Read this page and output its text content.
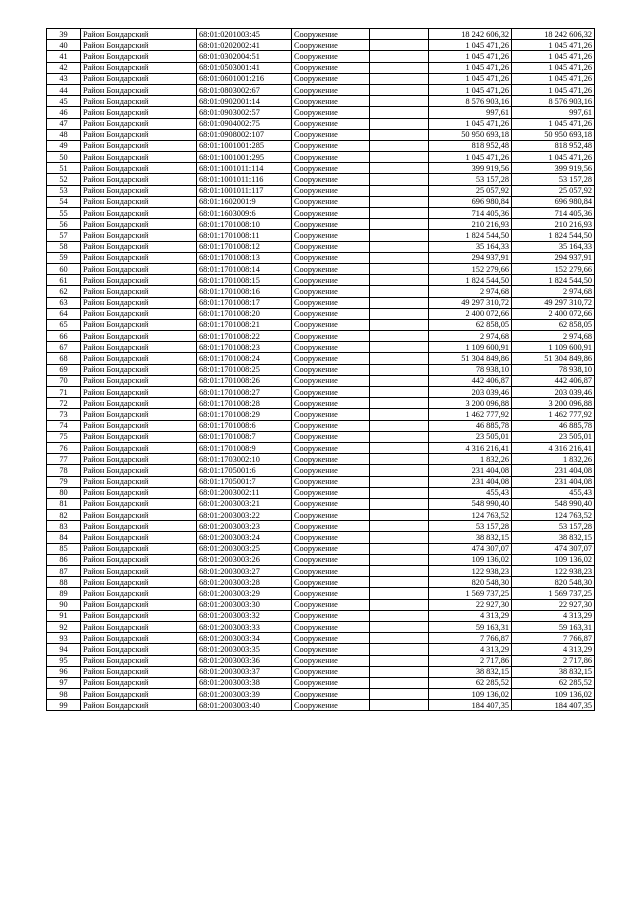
39	Район Бондарский	68:01:0201003:45	Сооружение		18 242 606,32	18 242 606,32
40	Район Бондарский	68:01:0202002:41	Сооружение		1 045 471,26	1 045 471,26
41	Район Бондарский	68:01:0302004:51	Сооружение		1 045 471,26	1 045 471,26
42	Район Бондарский	68:01:0503001:41	Сооружение		1 045 471,26	1 045 471,26
43	Район Бондарский	68:01:0601001:216	Сооружение		1 045 471,26	1 045 471,26
44	Район Бондарский	68:01:0803002:67	Сооружение		1 045 471,26	1 045 471,26
45	Район Бондарский	68:01:0902001:14	Сооружение		8 576 903,16	8 576 903,16
46	Район Бондарский	68:01:0903002:57	Сооружение		997,61	997,61
47	Район Бондарский	68:01:0904002:75	Сооружение		1 045 471,26	1 045 471,26
48	Район Бондарский	68:01:0908002:107	Сооружение		50 950 693,18	50 950 693,18
49	Район Бондарский	68:01:1001001:285	Сооружение		818 952,48	818 952,48
50	Район Бондарский	68:01:1001001:295	Сооружение		1 045 471,26	1 045 471,26
51	Район Бондарский	68:01:1001011:114	Сооружение		399 919,56	399 919,56
52	Район Бондарский	68:01:1001011:116	Сооружение		53 157,28	53 157,28
53	Район Бондарский	68:01:1001011:117	Сооружение		25 057,92	25 057,92
54	Район Бондарский	68:01:1602001:9	Сооружение		696 980,84	696 980,84
55	Район Бондарский	68:01:1603009:6	Сооружение		714 405,36	714 405,36
56	Район Бондарский	68:01:1701008:10	Сооружение		210 216,93	210 216,93
57	Район Бондарский	68:01:1701008:11	Сооружение		1 824 544,50	1 824 544,50
58	Район Бондарский	68:01:1701008:12	Сооружение		35 164,33	35 164,33
59	Район Бондарский	68:01:1701008:13	Сооружение		294 937,91	294 937,91
60	Район Бондарский	68:01:1701008:14	Сооружение		152 279,66	152 279,66
61	Район Бондарский	68:01:1701008:15	Сооружение		1 824 544,50	1 824 544,50
62	Район Бондарский	68:01:1701008:16	Сооружение		2 974,68	2 974,68
63	Район Бондарский	68:01:1701008:17	Сооружение		49 297 310,72	49 297 310,72
64	Район Бондарский	68:01:1701008:20	Сооружение		2 400 072,66	2 400 072,66
65	Район Бондарский	68:01:1701008:21	Сооружение		62 858,05	62 858,05
66	Район Бондарский	68:01:1701008:22	Сооружение		2 974,68	2 974,68
67	Район Бондарский	68:01:1701008:23	Сооружение		1 109 600,91	1 109 600,91
68	Район Бондарский	68:01:1701008:24	Сооружение		51 304 849,86	51 304 849,86
69	Район Бондарский	68:01:1701008:25	Сооружение		78 938,10	78 938,10
70	Район Бондарский	68:01:1701008:26	Сооружение		442 406,87	442 406,87
71	Район Бондарский	68:01:1701008:27	Сооружение		203 039,46	203 039,46
72	Район Бондарский	68:01:1701008:28	Сооружение		3 200 096,88	3 200 096,88
73	Район Бондарский	68:01:1701008:29	Сооружение		1 462 777,92	1 462 777,92
74	Район Бондарский	68:01:1701008:6	Сооружение		46 885,78	46 885,78
75	Район Бондарский	68:01:1701008:7	Сооружение		23 505,01	23 505,01
76	Район Бондарский	68:01:1701008:9	Сооружение		4 316 216,41	4 316 216,41
77	Район Бондарский	68:01:1703002:10	Сооружение		1 832,26	1 832,26
78	Район Бондарский	68:01:1705001:6	Сооружение		231 404,08	231 404,08
79	Район Бондарский	68:01:1705001:7	Сооружение		231 404,08	231 404,08
80	Район Бондарский	68:01:2003002:11	Сооружение		455,43	455,43
81	Район Бондарский	68:01:2003003:21	Сооружение		548 990,40	548 990,40
82	Район Бондарский	68:01:2003003:22	Сооружение		124 763,52	124 763,52
83	Район Бондарский	68:01:2003003:23	Сооружение		53 157,28	53 157,28
84	Район Бондарский	68:01:2003003:24	Сооружение		38 832,15	38 832,15
85	Район Бондарский	68:01:2003003:25	Сооружение		474 307,07	474 307,07
86	Район Бондарский	68:01:2003003:26	Сооружение		109 136,02	109 136,02
87	Район Бондарский	68:01:2003003:27	Сооружение		122 938,23	122 938,23
88	Район Бондарский	68:01:2003003:28	Сооружение		820 548,30	820 548,30
89	Район Бондарский	68:01:2003003:29	Сооружение		1 569 737,25	1 569 737,25
90	Район Бондарский	68:01:2003003:30	Сооружение		22 927,30	22 927,30
91	Район Бондарский	68:01:2003003:32	Сооружение		4 313,29	4 313,29
92	Район Бондарский	68:01:2003003:33	Сооружение		59 163,31	59 163,31
93	Район Бондарский	68:01:2003003:34	Сооружение		7 766,87	7 766,87
94	Район Бондарский	68:01:2003003:35	Сооружение		4 313,29	4 313,29
95	Район Бондарский	68:01:2003003:36	Сооружение		2 717,86	2 717,86
96	Район Бондарский	68:01:2003003:37	Сооружение		38 832,15	38 832,15
97	Район Бондарский	68:01:2003003:38	Сооружение		62 285,52	62 285,52
98	Район Бондарский	68:01:2003003:39	Сооружение		109 136,02	109 136,02
99	Район Бондарский	68:01:2003003:40	Сооружение		184 407,35	184 407,35
